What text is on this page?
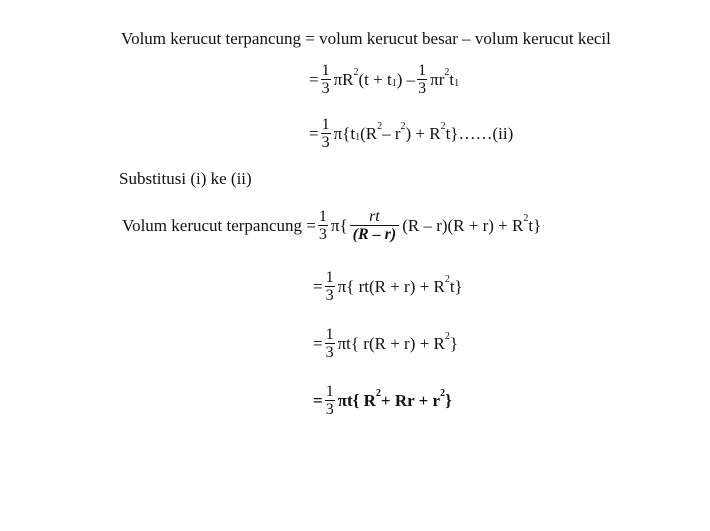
Volum kerucut terpancung = volum kerucut besar – volum kerucut kecil
= $\frac{1}{3}$ πR 2 (t +
t 1 ) – $\frac{1}{3}$ πr 2 t 1
= $\frac{1}{3} \pi\{t$ 1 (R 2 – r 2 ) + R 2 t}……(ii)
Substitusi (i) ke (ii)
Volum kerucut terpancung
= $\frac{1}{3} \pi\{ \frac{rt}{(R - r)} (R - r)(R + r) + R$ 2 t}
= $\frac{1}{3} \pi${ rt(R + r) + R 2 t}
= $\frac{1}{3} \pi t${ r(R + r) + R 2 }
= $\frac{1}{3} \pi t${ R 2 + Rr + r 2 }
